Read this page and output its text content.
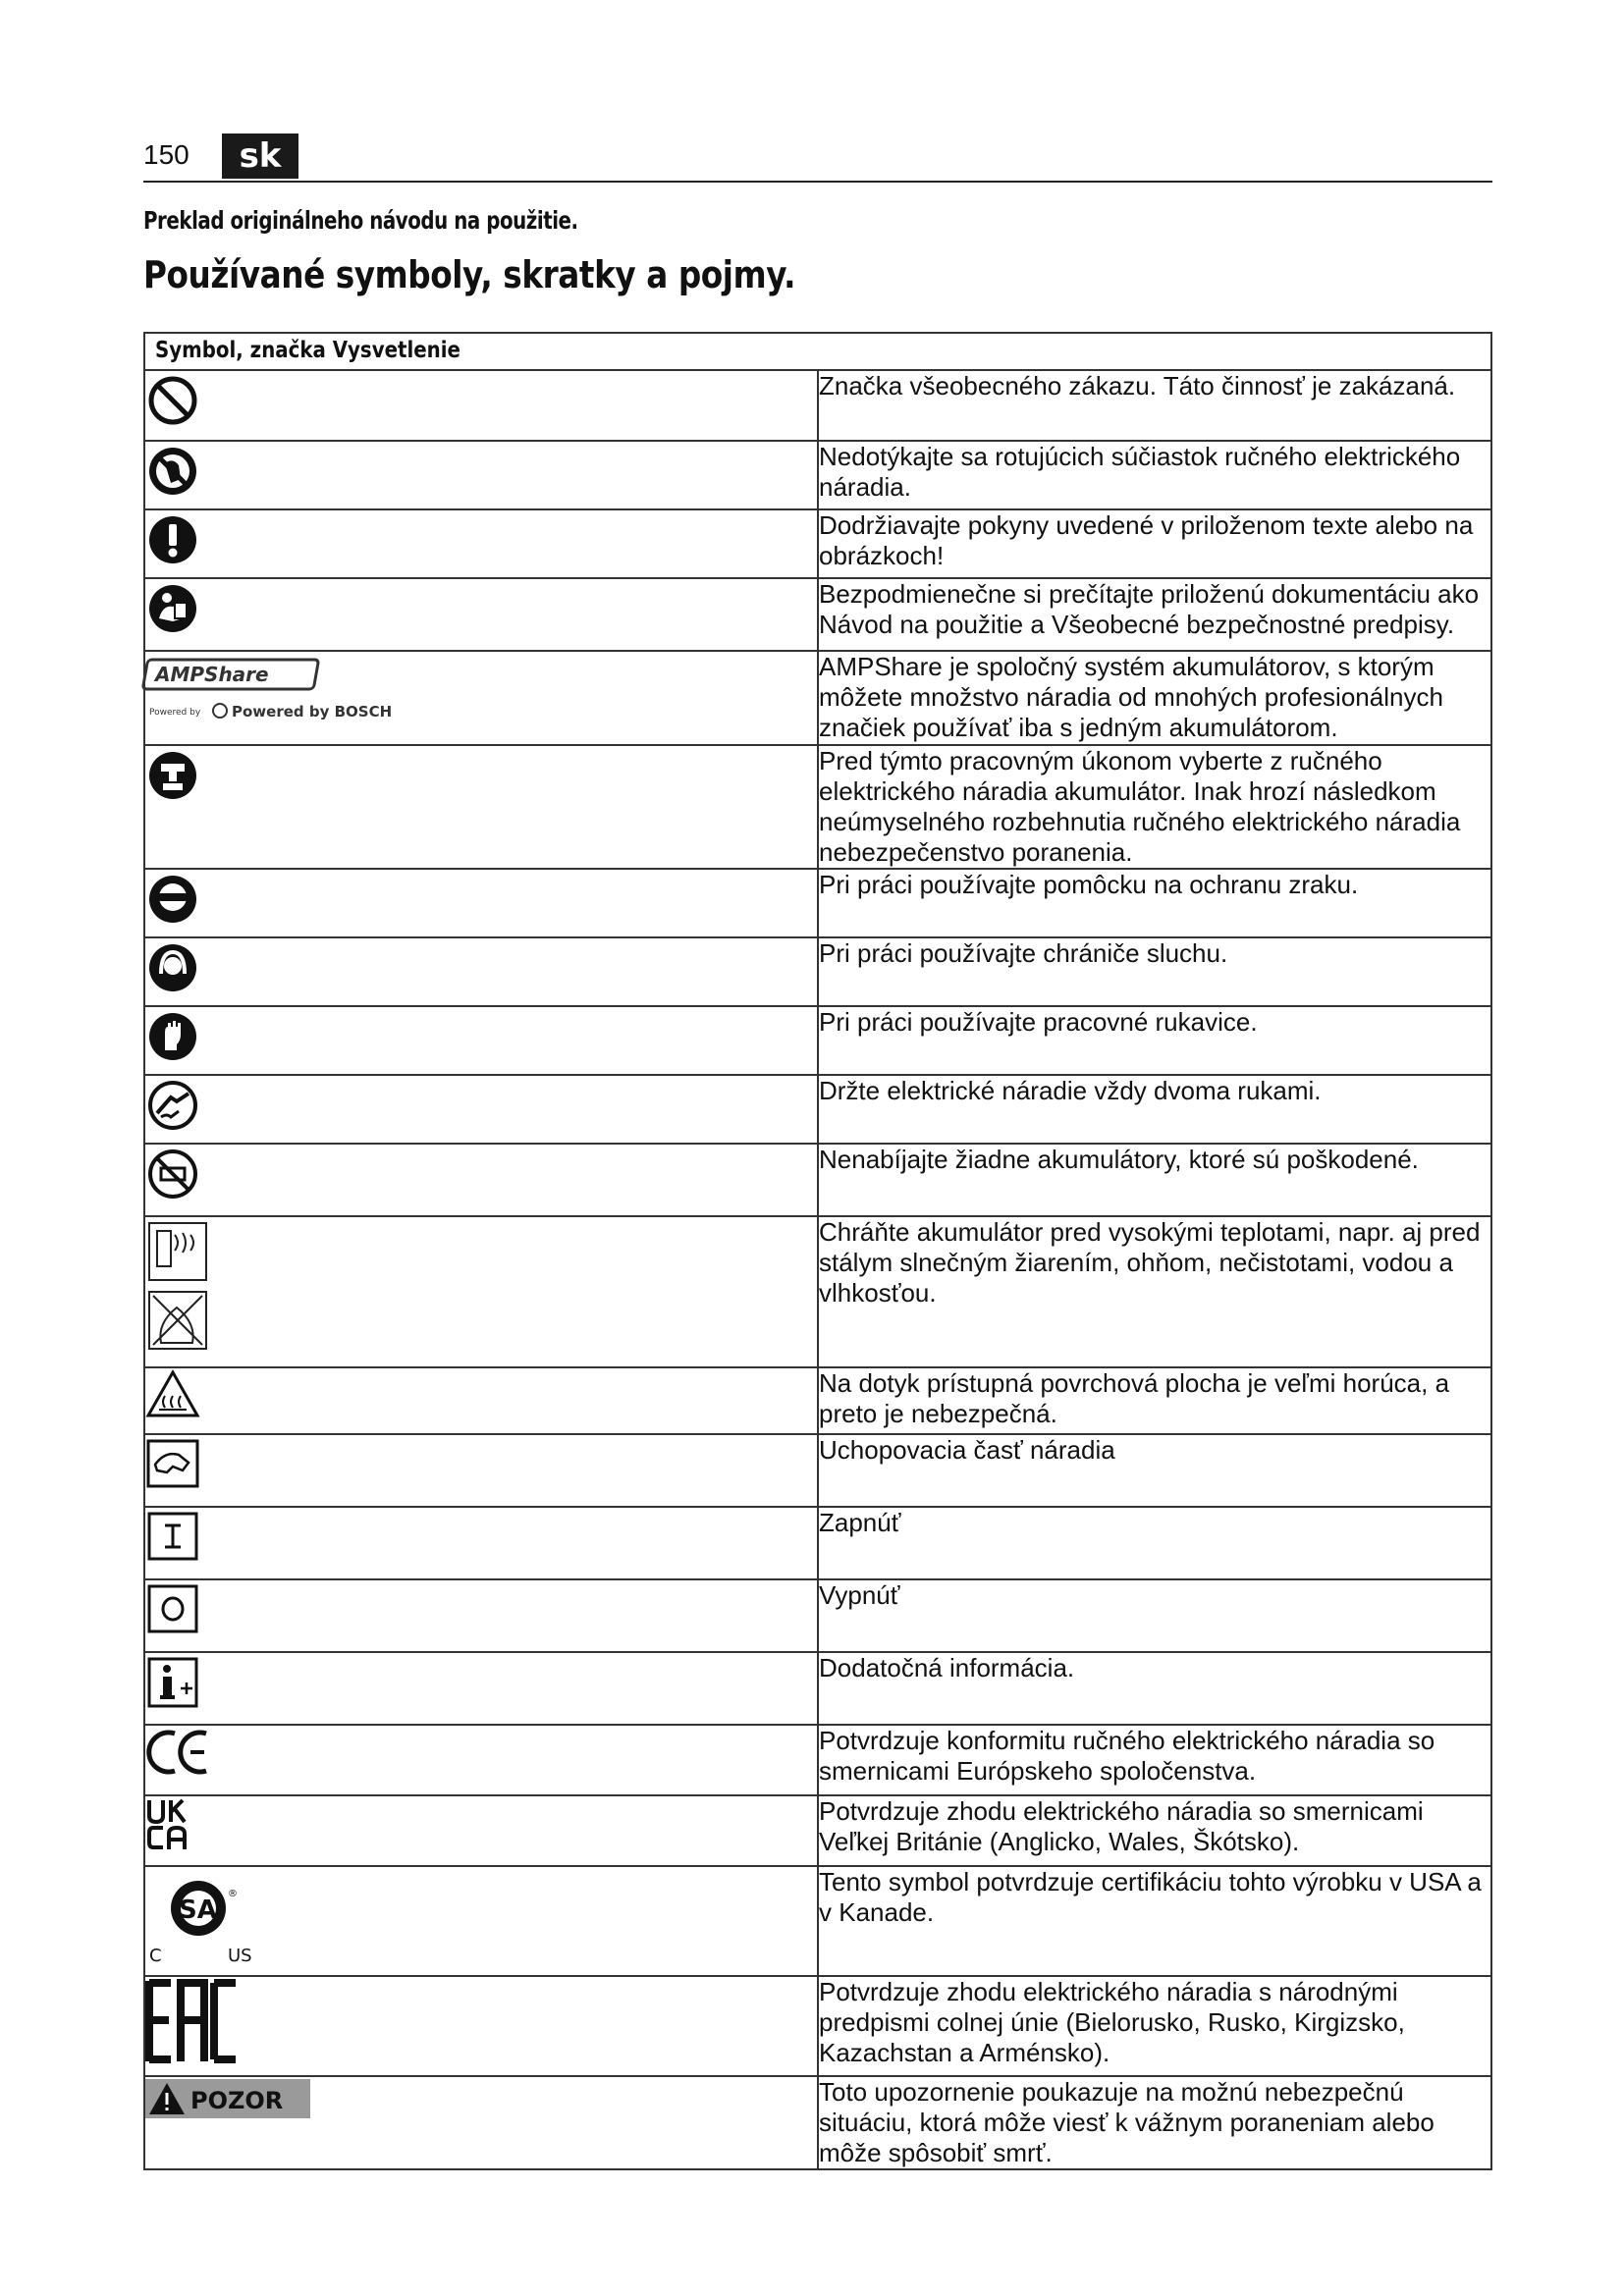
150	sk
Preklad originálneho návodu na použitie.
Používané symboly, skratky a pojmy.
Symbol, značka Vysvetlenie	

	Značka všeobecného zákazu. Táto činnosť je zakázaná.

	Nedotýkajte sa rotujúcich súčiastok ručného elektrického náradia.

	Dodržiavajte pokyny uvedené v priloženom texte alebo na obrázkoch!

	Bezpodmienečne si prečítajte priloženú dokumentáciu ako Návod na použitie a Všeobecné bezpečnostné predpisy.

AMPShare
Powered by Powered by BOSCH	AMPShare je spoločný systém akumulátorov, s ktorým môžete množstvo náradia od mnohých profesionálnych značiek používať iba s jedným akumulátorom.

	Pred týmto pracovným úkonom vyberte z ručného elektrického náradia akumulátor. Inak hrozí následkom neúmyselného rozbehnutia ručného elektrického náradia nebezpečenstvo poranenia.

	Pri práci používajte pomôcku na ochranu zraku.

	Pri práci používajte chrániče sluchu.

	Pri práci používajte pracovné rukavice.

	Držte elektrické náradie vždy dvoma rukami.

	Nenabíjajte žiadne akumulátory, ktoré sú poškodené.

	Chráňte akumulátor pred vysokými teplotami, napr. aj pred stálym slnečným žiarením, ohňom, nečistotami, vodou a vlhkosťou.

	Na dotyk prístupná povrchová plocha je veľmi horúca, a preto je nebezpečná.

	Uchopovacia časť náradia

	Zapnúť

	Vypnúť

	Dodatočná informácia.

	Potvrdzuje konformitu ručného elektrického náradia so smernicami Európskeho spoločenstva.

	Potvrdzuje zhodu elektrického náradia so smernicami Veľkej Británie (Anglicko, Wales, Škótsko).

SA
®
C US	Tento symbol potvrdzuje certifikáciu tohto výrobku v USA a v Kanade.

	Potvrdzuje zhodu elektrického náradia s národnými predpismi colnej únie (Bielorusko, Rusko, Kirgizsko, Kazachstan a Arménsko).

POZOR	Toto upozornenie poukazuje na možnú nebezpečnú situáciu, ktorá môže viesť k vážnym poraneniam alebo môže spôsobiť smrť.
